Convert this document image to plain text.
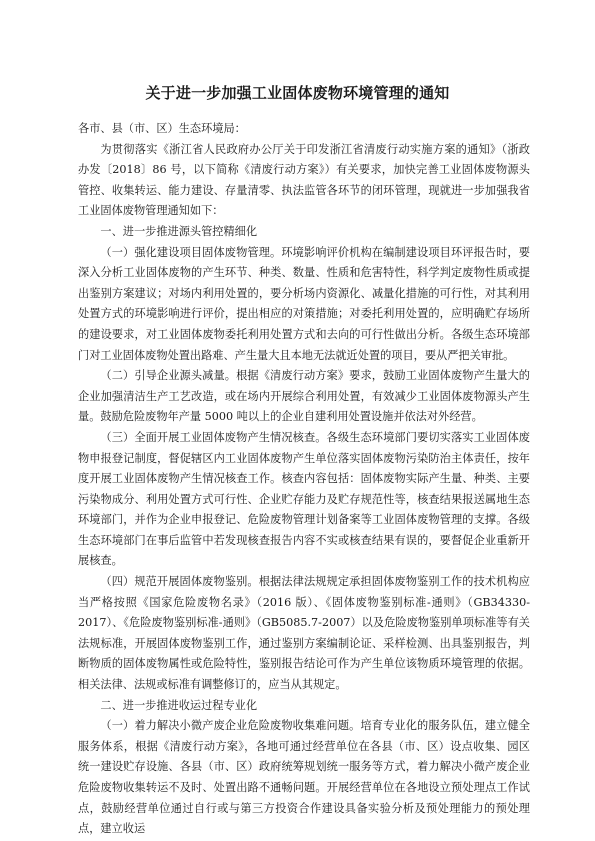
关于进一步加强工业固体废物环境管理的通知

各市、县（市、区）生态环境局：

为贯彻落实《浙江省人民政府办公厅关于印发浙江省清废行动实施方案的通知》（浙政办发〔2018〕86 号，以下简称《清废行动方案》）有关要求，加快完善工业固体废物源头管控、收集转运、能力建设、存量清零、执法监管各环节的闭环管理，现就进一步加强我省工业固体废物管理通知如下：

一、进一步推进源头管控精细化

（一）强化建设项目固体废物管理。环境影响评价机构在编制建设项目环评报告时，要深入分析工业固体废物的产生环节、种类、数量、性质和危害特性，科学判定废物性质或提出鉴别方案建议；对场内利用处置的，要分析场内资源化、减量化措施的可行性，对其利用处置方式的环境影响进行评价，提出相应的对策措施；对委托利用处置的，应明确贮存场所的建设要求，对工业固体废物委托利用处置方式和去向的可行性做出分析。各级生态环境部门对工业固体废物处置出路难、产生量大且本地无法就近处置的项目，要从严把关审批。

（二）引导企业源头减量。根据《清废行动方案》要求，鼓励工业固体废物产生量大的企业加强清洁生产工艺改造，或在场内开展综合利用处置，有效减少工业固体废物源头产生量。鼓励危险废物年产量 5000 吨以上的企业自建利用处置设施并依法对外经营。

（三）全面开展工业固体废物产生情况核查。各级生态环境部门要切实落实工业固体废物申报登记制度，督促辖区内工业固体废物产生单位落实固体废物污染防治主体责任，按年度开展工业固体废物产生情况核查工作。核查内容包括：固体废物实际产生量、种类、主要污染物成分、利用处置方式可行性、企业贮存能力及贮存规范性等，核查结果报送属地生态环境部门，并作为企业申报登记、危险废物管理计划备案等工业固体废物管理的支撑。各级生态环境部门在事后监管中若发现核查报告内容不实或核查结果有误的，要督促企业重新开展核查。

（四）规范开展固体废物鉴别。根据法律法规规定承担固体废物鉴别工作的技术机构应当严格按照《国家危险废物名录》（2016 版）、《固体废物鉴别标准-通则》（GB34330-2017）、《危险废物鉴别标准-通则》（GB5085.7-2007）以及危险废物鉴别单项标准等有关法规标准，开展固体废物鉴别工作，通过鉴别方案编制论证、采样检测、出具鉴别报告，判断物质的固体废物属性或危险特性，鉴别报告结论可作为产生单位该物质环境管理的依据。相关法律、法规或标准有调整修订的，应当从其规定。

二、进一步推进收运过程专业化

（一）着力解决小微产废企业危险废物收集难问题。培育专业化的服务队伍，建立健全服务体系，根据《清废行动方案》，各地可通过经营单位在各县（市、区）设点收集、园区统一建设贮存设施、各县（市、区）政府统筹规划统一服务等方式，着力解决小微产废企业危险废物收集转运不及时、处置出路不通畅问题。开展经营单位在各地设立预处理点工作试点，鼓励经营单位通过自行或与第三方投资合作建设具备实验分析及预处理能力的预处理点，建立收运
